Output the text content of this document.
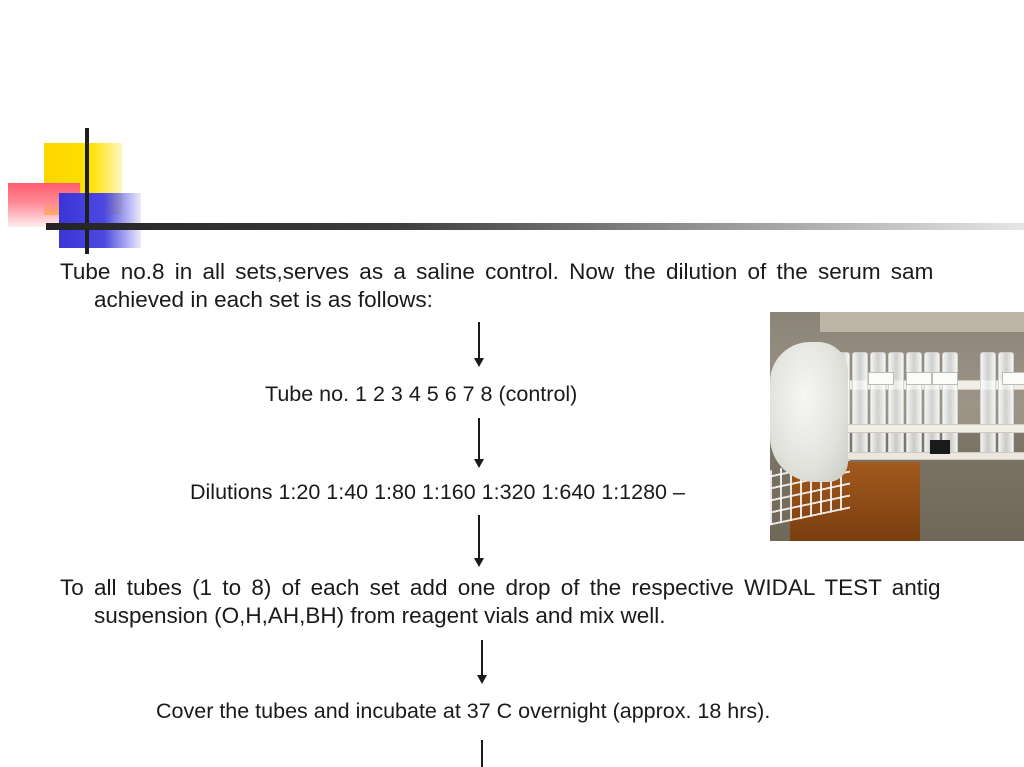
Tube no.8 in all sets,serves as a saline control. Now the dilution of the serum sam
achieved in each set is as follows:
Tube no. 1 2 3 4 5 6 7 8 (control)
Dilutions 1:20 1:40 1:80 1:160 1:320 1:640 1:1280 –
To all tubes (1 to 8) of each set add one drop of the respective WIDAL TEST antig
suspension (O,H,AH,BH) from reagent vials and mix well.
Cover the tubes and incubate at 37 C overnight (approx. 18 hrs).
